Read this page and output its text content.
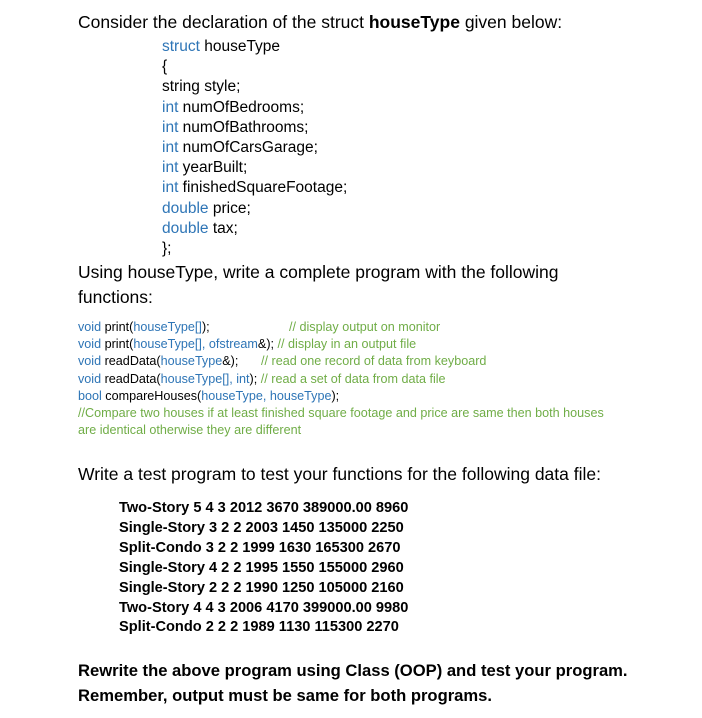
Consider the declaration of the struct houseType given below:
struct houseType
{
string style;
int numOfBedrooms;
int numOfBathrooms;
int numOfCarsGarage;
int yearBuilt;
int finishedSquareFootage;
double price;
double tax;
};
Using houseType, write a complete program with the following
functions:
void print(houseType[]);	// display output on monitor
void print(houseType[], ofstream&); // display in an output file
void readData(houseType&); // read one record of data from keyboard
void readData(houseType[], int); // read a set of data from data file
bool compareHouses(houseType, houseType);
//Compare two houses if at least finished square footage and price are same then both houses
are identical otherwise they are different
Write a test program to test your functions for the following data file:
Two-Story 5 4 3 2012 3670 389000.00 8960
Single-Story 3 2 2 2003 1450 135000 2250
Split-Condo 3 2 2 1999 1630 165300 2670
Single-Story 4 2 2 1995 1550 155000 2960
Single-Story 2 2 2 1990 1250 105000 2160
Two-Story 4 4 3 2006 4170 399000.00 9980
Split-Condo 2 2 2 1989 1130 115300 2270
Rewrite the above program using Class (OOP) and test your program.
Remember, output must be same for both programs.
